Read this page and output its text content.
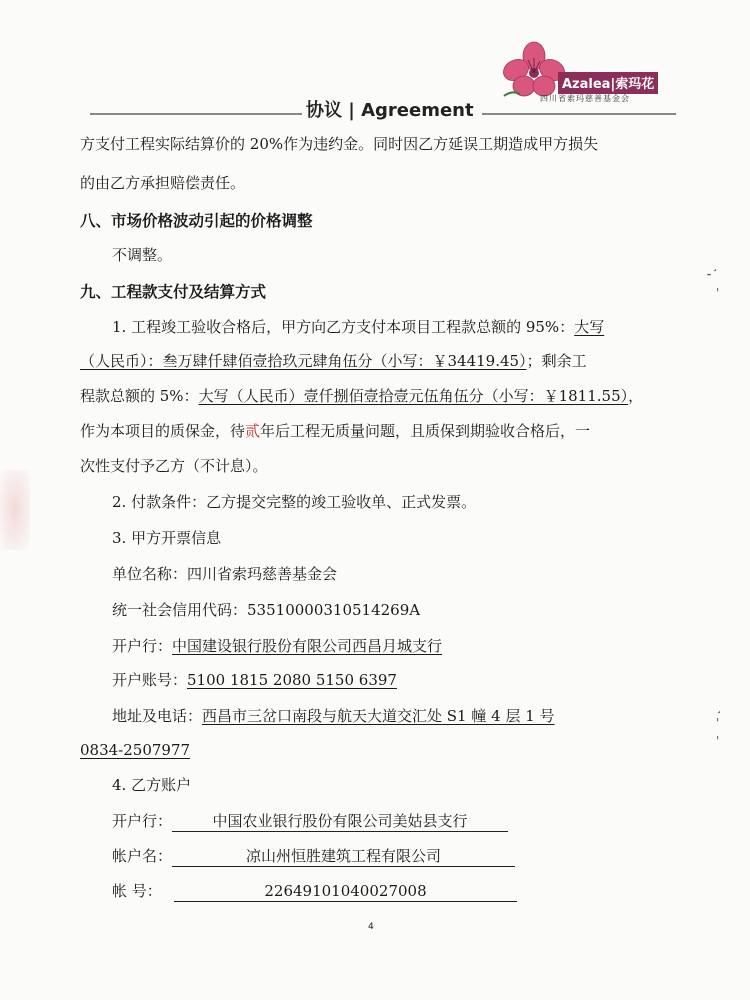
Azalea|索玛花
四川省索玛慈善基金会
协议 | Agreement
方支付工程实际结算价的 20%作为违约金。同时因乙方延误工期造成甲方损失
的由乙方承担赔偿责任。
八、市场价格波动引起的价格调整
不调整。
九、工程款支付及结算方式
1. 工程竣工验收合格后，甲方向乙方支付本项目工程款总额的 95%：大写
（人民币）：叁万肆仟肆佰壹拾玖元肆角伍分（小写：￥34419.45）；剩余工
程款总额的 5%：大写（人民币）壹仟捌佰壹拾壹元伍角伍分（小写：￥1811.55），
作为本项目的质保金，待贰年后工程无质量问题，且质保到期验收合格后，一
次性支付予乙方（不计息）。
2. 付款条件：乙方提交完整的竣工验收单、正式发票。
3. 甲方开票信息
单位名称：四川省索玛慈善基金会
统一社会信用代码：53510000310514269A
开户行：中国建设银行股份有限公司西昌月城支行
开户账号：5100 1815 2080 5150 6397
地址及电话：西昌市三岔口南段与航天大道交汇处 S1 幢 4 层 1 号
0834-2507977
4. 乙方账户
开户行：	中国农业银行股份有限公司美姑县支行
帐户名：	凉山州恒胜建筑工程有限公司
帐 号：	22649101040027008
4
¸
⁃
'
¸
'
'
